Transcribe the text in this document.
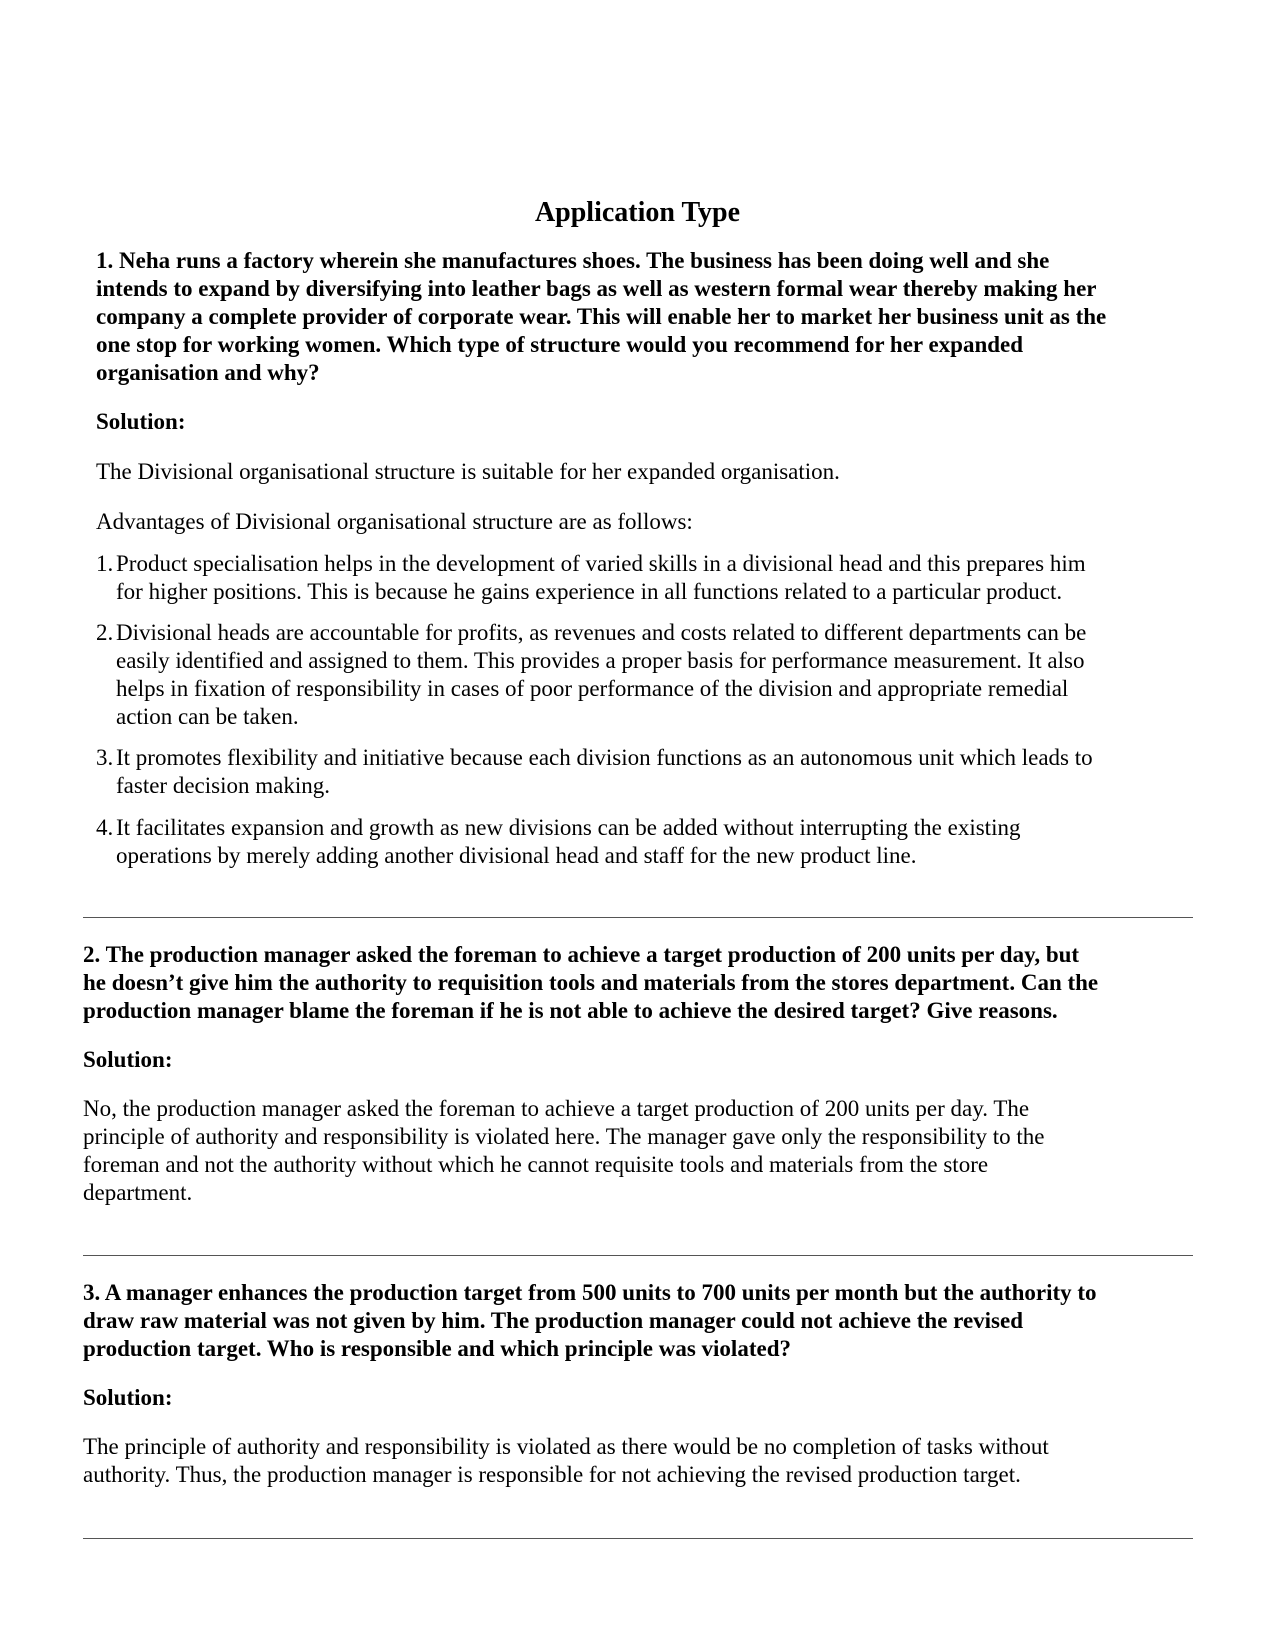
Application Type

1. Neha runs a factory wherein she manufactures shoes. The business has been doing well and she
intends to expand by diversifying into leather bags as well as western formal wear thereby making her
company a complete provider of corporate wear. This will enable her to market her business unit as the
one stop for working women. Which type of structure would you recommend for her expanded
organisation and why?

Solution:

The Divisional organisational structure is suitable for her expanded organisation.

Advantages of Divisional organisational structure are as follows:

1. Product specialisation helps in the development of varied skills in a divisional head and this prepares him
for higher positions. This is because he gains experience in all functions related to a particular product.
2. Divisional heads are accountable for profits, as revenues and costs related to different departments can be
easily identified and assigned to them. This provides a proper basis for performance measurement. It also
helps in fixation of responsibility in cases of poor performance of the division and appropriate remedial
action can be taken.
3. It promotes flexibility and initiative because each division functions as an autonomous unit which leads to
faster decision making.
4. It facilitates expansion and growth as new divisions can be added without interrupting the existing
operations by merely adding another divisional head and staff for the new product line.

2. The production manager asked the foreman to achieve a target production of 200 units per day, but
he doesn’t give him the authority to requisition tools and materials from the stores department. Can the
production manager blame the foreman if he is not able to achieve the desired target? Give reasons.

Solution:

No, the production manager asked the foreman to achieve a target production of 200 units per day. The
principle of authority and responsibility is violated here. The manager gave only the responsibility to the
foreman and not the authority without which he cannot requisite tools and materials from the store
department.

3. A manager enhances the production target from 500 units to 700 units per month but the authority to
draw raw material was not given by him. The production manager could not achieve the revised
production target. Who is responsible and which principle was violated?

Solution:

The principle of authority and responsibility is violated as there would be no completion of tasks without
authority. Thus, the production manager is responsible for not achieving the revised production target.
